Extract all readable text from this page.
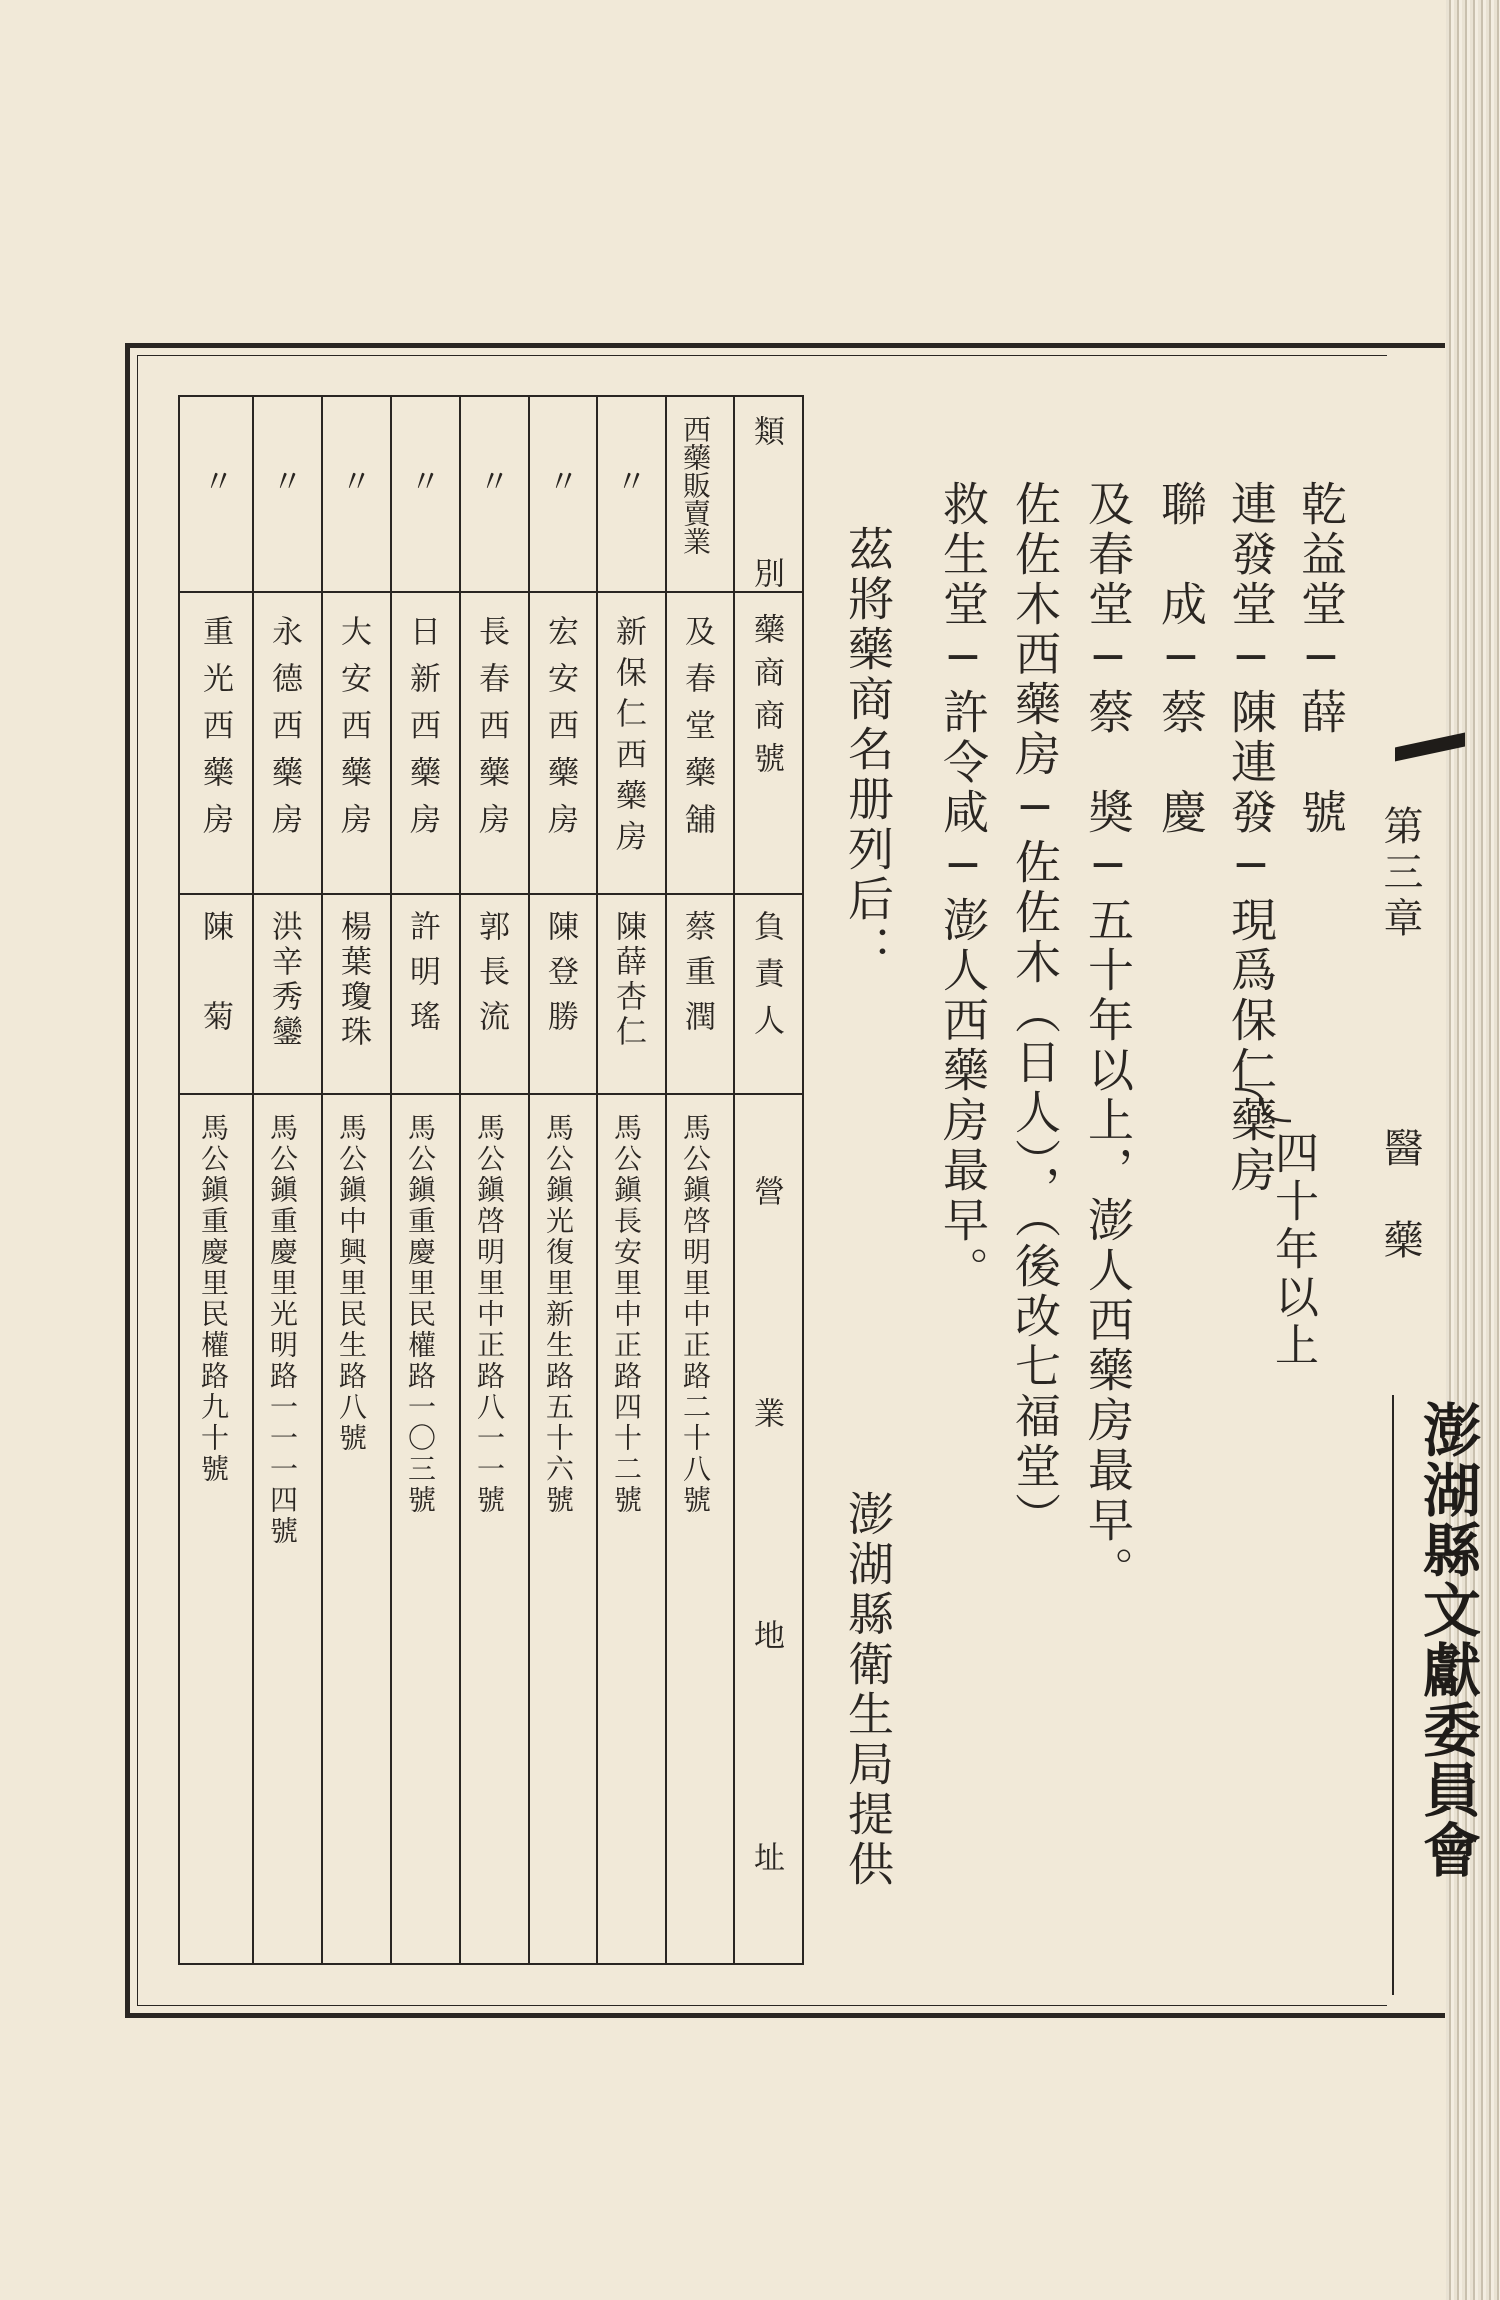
第三章  醫　藥
澎湖縣文獻委員會
乾益堂─薛　號
連發堂─陳連發─現爲保仁藥房
四十年以上
聯　成─蔡　慶
及春堂─蔡　奬─五十年以上，澎人西藥房最早。
佐佐木西藥房─佐佐木（日人），（後改七福堂）
救生堂─許令咸─澎人西藥房最早。
茲將藥商名册列后：
澎湖縣衛生局提供
類　別
藥商商號
負責人
營　業　地　址
西藥販賣業
及春堂藥舖
蔡重潤
馬公鎭啓明里中正路二十八號
〃
新保仁西藥房
陳薛杏仁
馬公鎭長安里中正路四十二號
〃
宏安西藥房
陳登勝
馬公鎭光復里新生路五十六號
〃
長春西藥房
郭長流
馬公鎭啓明里中正路八一一號
〃
日新西藥房
許明瑤
馬公鎭重慶里民權路一〇三號
〃
大安西藥房
楊葉瓊珠
馬公鎭中興里民生路八號
〃
永德西藥房
洪辛秀鑾
馬公鎭重慶里光明路一一一四號
〃
重光西藥房
陳　菊
馬公鎭重慶里民權路九十號
